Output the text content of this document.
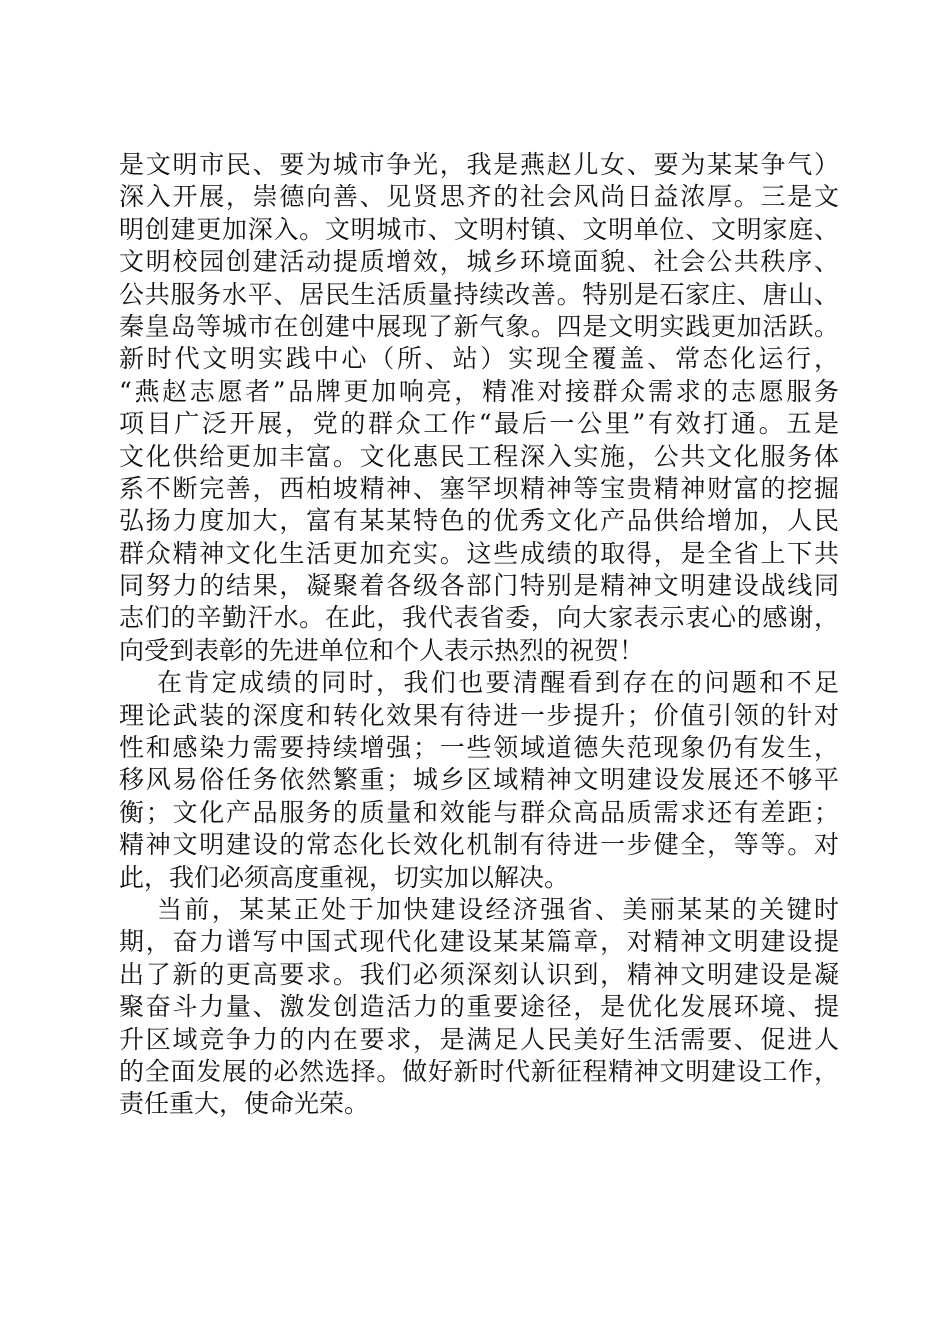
是文明市民、要为城市争光，我是燕赵儿女、要为某某争气）
深入开展，崇德向善、见贤思齐的社会风尚日益浓厚。三是文
明创建更加深入。文明城市、文明村镇、文明单位、文明家庭、
文明校园创建活动提质增效，城乡环境面貌、社会公共秩序、
公共服务水平、居民生活质量持续改善。特别是石家庄、唐山、
秦皇岛等城市在创建中展现了新气象。四是文明实践更加活跃。
新时代文明实践中心（所、站）实现全覆盖、常态化运行，
“燕赵志愿者”品牌更加响亮，精准对接群众需求的志愿服务
项目广泛开展，党的群众工作“最后一公里”有效打通。五是
文化供给更加丰富。文化惠民工程深入实施，公共文化服务体
系不断完善，西柏坡精神、塞罕坝精神等宝贵精神财富的挖掘
弘扬力度加大，富有某某特色的优秀文化产品供给增加，人民
群众精神文化生活更加充实。这些成绩的取得，是全省上下共
同努力的结果，凝聚着各级各部门特别是精神文明建设战线同
志们的辛勤汗水。在此，我代表省委，向大家表示衷心的感谢，
向受到表彰的先进单位和个人表示热烈的祝贺！
在肯定成绩的同时，我们也要清醒看到存在的问题和不足
理论武装的深度和转化效果有待进一步提升；价值引领的针对
性和感染力需要持续增强；一些领域道德失范现象仍有发生，
移风易俗任务依然繁重；城乡区域精神文明建设发展还不够平
衡；文化产品服务的质量和效能与群众高品质需求还有差距；
精神文明建设的常态化长效化机制有待进一步健全，等等。对
此，我们必须高度重视，切实加以解决。
当前，某某正处于加快建设经济强省、美丽某某的关键时
期，奋力谱写中国式现代化建设某某篇章，对精神文明建设提
出了新的更高要求。我们必须深刻认识到，精神文明建设是凝
聚奋斗力量、激发创造活力的重要途径，是优化发展环境、提
升区域竞争力的内在要求，是满足人民美好生活需要、促进人
的全面发展的必然选择。做好新时代新征程精神文明建设工作，
责任重大，使命光荣。
